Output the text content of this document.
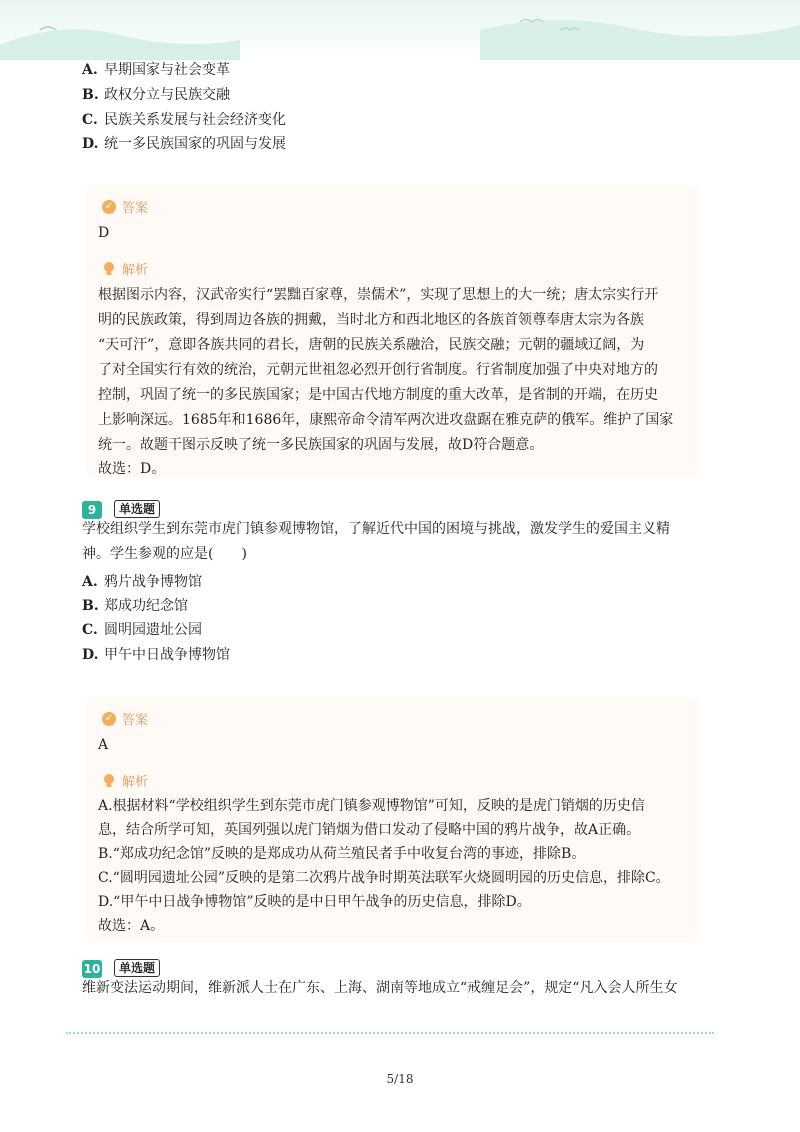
A. 早期国家与社会变革
B. 政权分立与民族交融
C. 民族关系发展与社会经济变化
D. 统一多民族国家的巩固与发展
✓ 答案
D
解析
根据图示内容，汉武帝实行“罢黜百家尊，崇儒术”，实现了思想上的大一统；唐太宗实行开
明的民族政策，得到周边各族的拥戴，当时北方和西北地区的各族首领尊奉唐太宗为各族
“天可汗”，意即各族共同的君长，唐朝的民族关系融洽，民族交融；元朝的疆域辽阔，为
了对全国实行有效的统治，元朝元世祖忽必烈开创行省制度。行省制度加强了中央对地方的
控制，巩固了统一的多民族国家；是中国古代地方制度的重大改革，是省制的开端，在历史
上影响深远。1685年和1686年，康熙帝命令清军两次进攻盘踞在雅克萨的俄军。维护了国家
统一。故题干图示反映了统一多民族国家的巩固与发展，故D符合题意。
故选：D。
9	单选题
学校组织学生到东莞市虎门镇参观博物馆，了解近代中国的困境与挑战，激发学生的爱国主义精
神。学生参观的应是(　　)
A. 鸦片战争博物馆
B. 郑成功纪念馆
C. 圆明园遗址公园
D. 甲午中日战争博物馆
✓ 答案
A
解析
A.根据材料“学校组织学生到东莞市虎门镇参观博物馆”可知，反映的是虎门销烟的历史信
息，结合所学可知，英国列强以虎门销烟为借口发动了侵略中国的鸦片战争，故A正确。
B.“郑成功纪念馆”反映的是郑成功从荷兰殖民者手中收复台湾的事迹，排除B。
C.“圆明园遗址公园”反映的是第二次鸦片战争时期英法联军火烧圆明园的历史信息，排除C。
D.“甲午中日战争博物馆”反映的是中日甲午战争的历史信息，排除D。
故选：A。
10	单选题
维新变法运动期间，维新派人士在广东、上海、湖南等地成立“戒缠足会”，规定“凡入会人所生女
5/18
